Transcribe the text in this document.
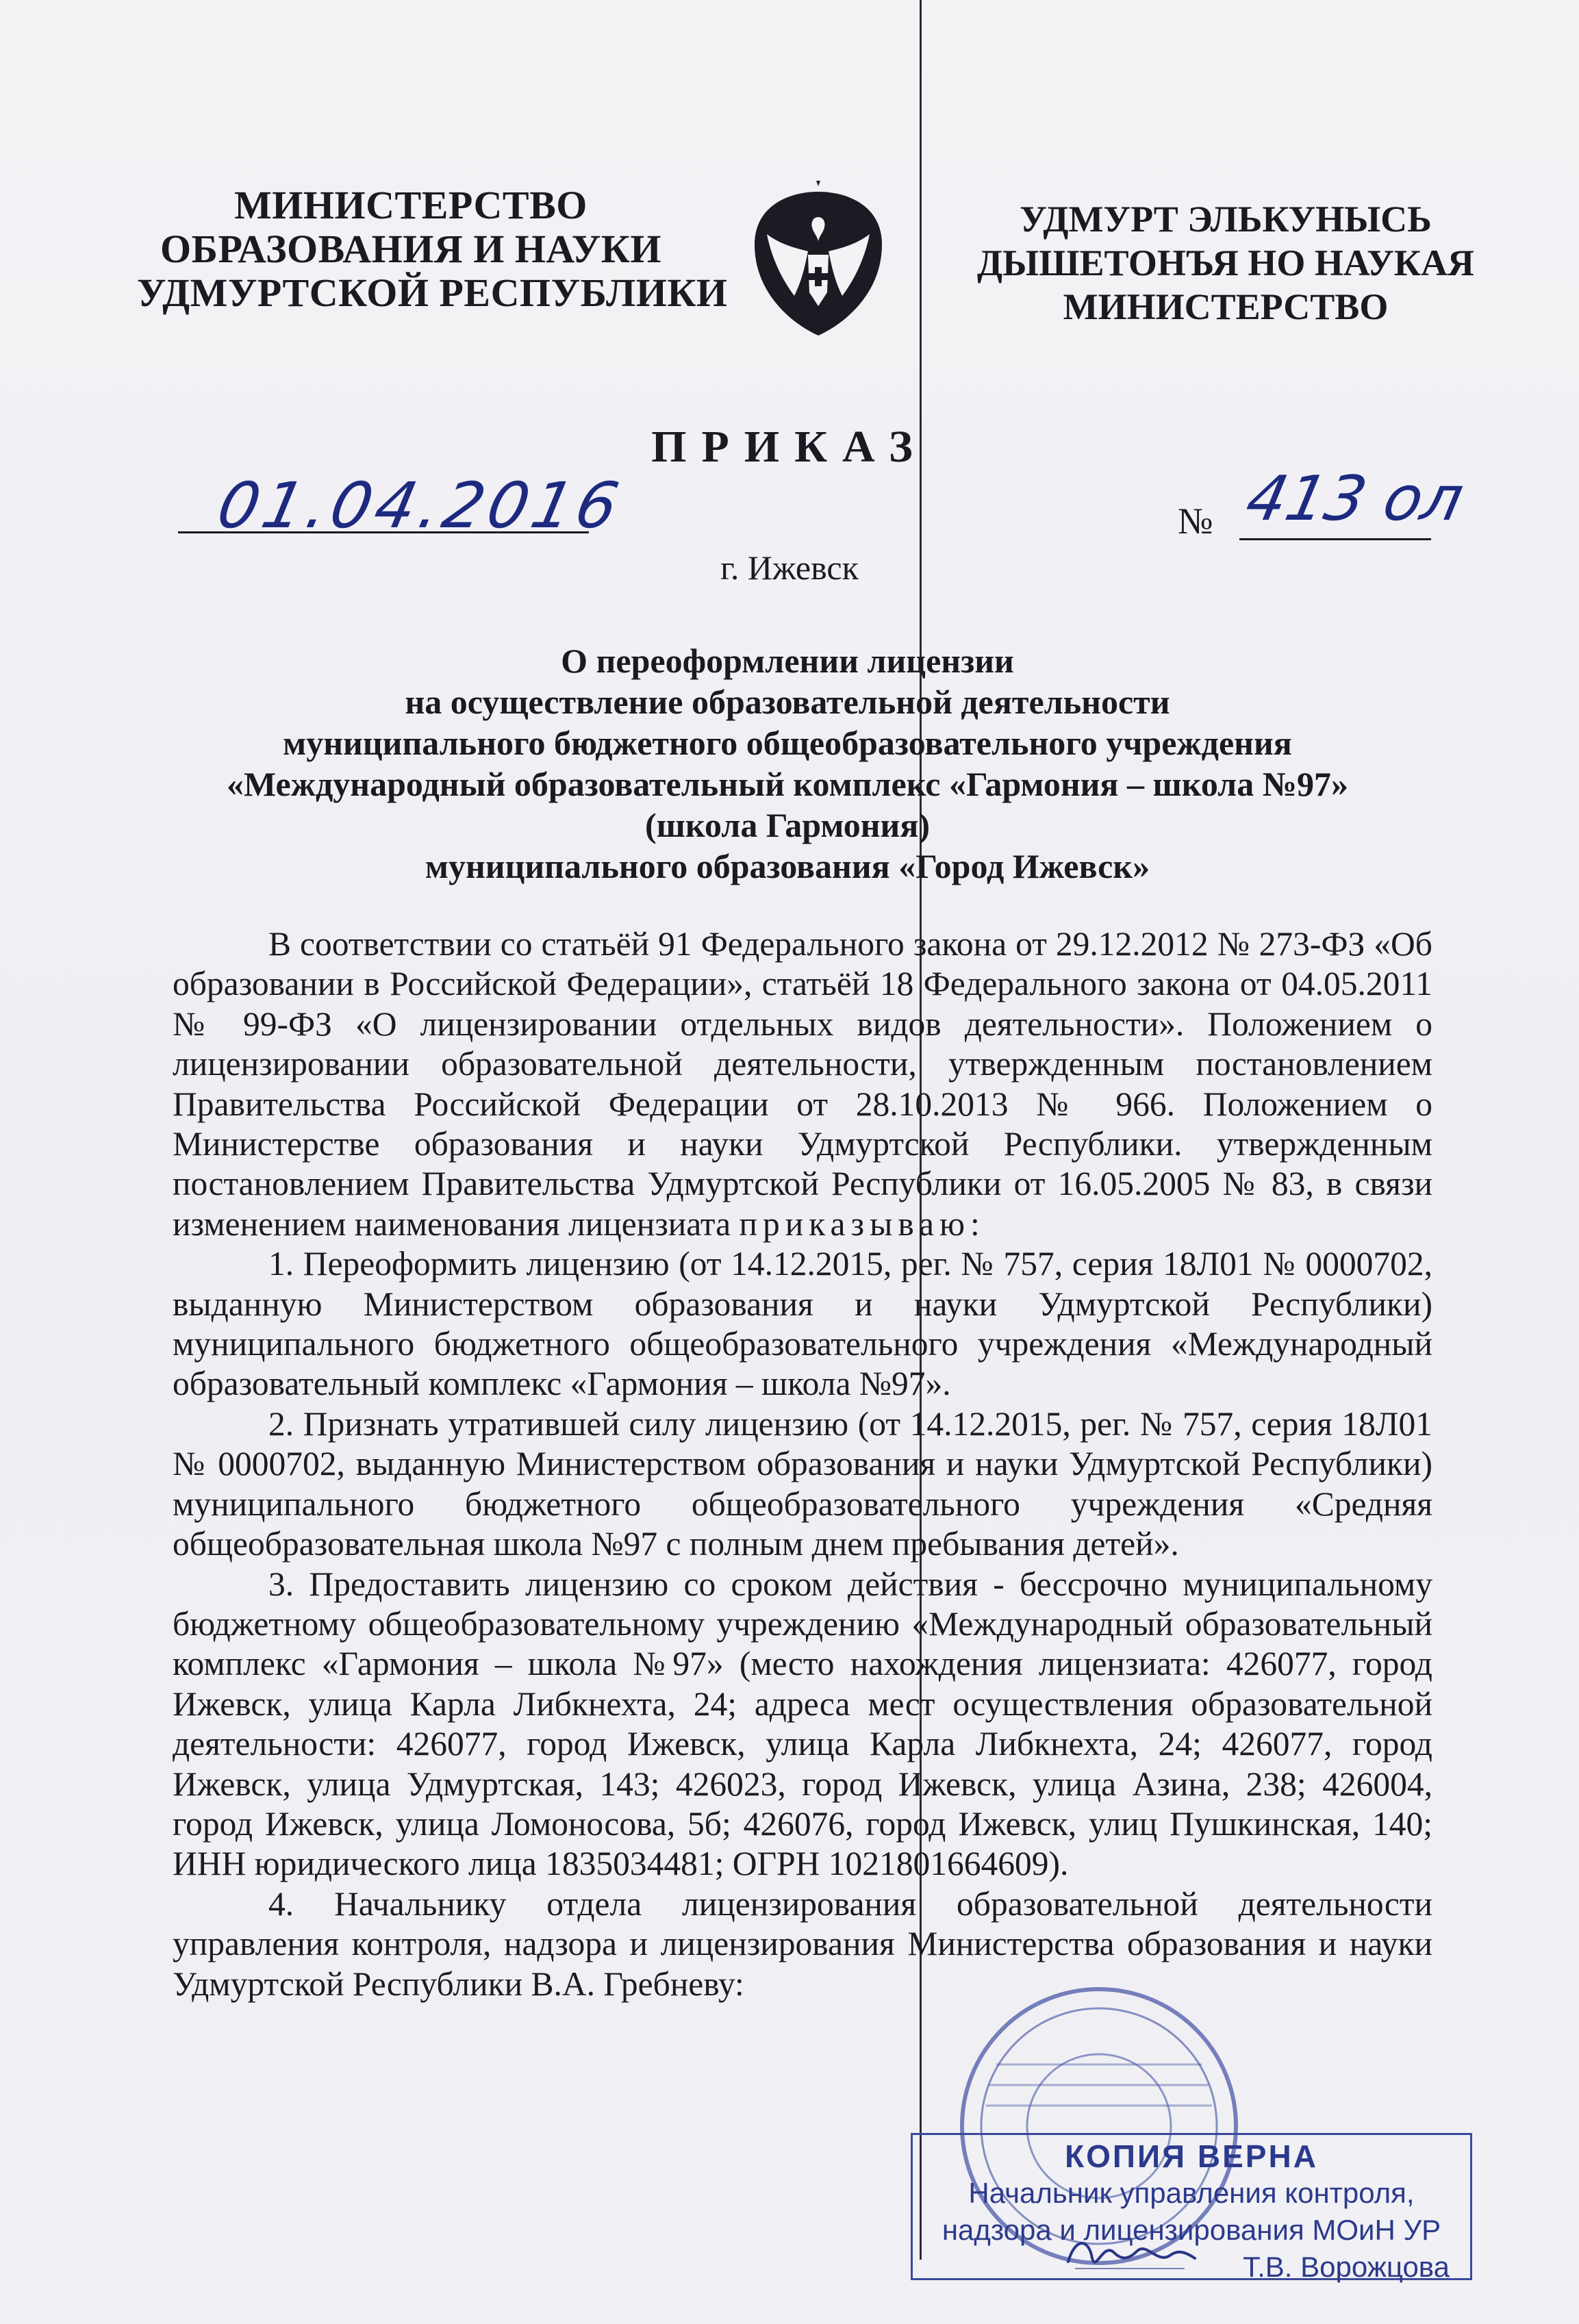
МИНИСТЕРСТВО
ОБРАЗОВАНИЯ И НАУКИ
УДМУРТСКОЙ РЕСПУБЛИКИ
УДМУРТ ЭЛЬКУНЫСЬ
ДЫШЕТОНЪЯ НО НАУКАЯ
МИНИСТЕРСТВО
ПРИКАЗ
01.04.2016	№ 413 ол
г. Ижевск
О переоформлении лицензии
на осуществление образовательной деятельности
муниципального бюджетного общеобразовательного учреждения
«Международный образовательный комплекс «Гармония – школа №97»
(школа Гармония)
муниципального образования «Город Ижевск»

В соответствии со статьёй 91 Федерального закона от 29.12.2012 № 273-ФЗ «Об образовании в Российской Федерации», статьёй 18 Федерального закона от 04.05.2011 № 99-ФЗ «О лицензировании отдельных видов деятельности». Положением о лицензировании образовательной деятельности, утвержденным постановлением Правительства Российской Федерации от 28.10.2013 № 966. Положением о Министерстве образования и науки Удмуртской Республики. утвержденным постановлением Правительства Удмуртской Республики от 16.05.2005 № 83, в связи изменением наименования лицензиата приказываю:

1. Переоформить лицензию (от 14.12.2015, рег. № 757, серия 18Л01 № 0000702, выданную Министерством образования и науки Удмуртской Республики) муниципального бюджетного общеобразовательного учреждения «Международный образовательный комплекс «Гармония – школа №97».

2. Признать утратившей силу лицензию (от 14.12.2015, рег. № 757, серия 18Л01 № 0000702, выданную Министерством образования и науки Удмуртской Республики) муниципального бюджетного общеобразовательного учреждения «Средняя общеобразовательная школа №97 с полным днем пребывания детей».

3. Предоставить лицензию со сроком действия - бессрочно муниципальному бюджетному общеобразовательному учреждению «Международный образовательный комплекс «Гармония – школа №97» (место нахождения лицензиата: 426077, город Ижевск, улица Карла Либкнехта, 24; адреса мест осуществления образовательной деятельности: 426077, город Ижевск, улица Карла Либкнехта, 24; 426077, город Ижевск, улица Удмуртская, 143; 426023, город Ижевск, улица Азина, 238; 426004, город Ижевск, улица Ломоносова, 5б; 426076, город Ижевск, улиц Пушкинская, 140; ИНН юридического лица 1835034481; ОГРН 1021801664609).

4. Начальнику отдела лицензирования образовательной деятельности управления контроля, надзора и лицензирования Министерства образования и науки Удмуртской Республики В.А. Гребневу:

КОПИЯ ВЕРНА
Начальник управления контроля,
надзора и лицензирования МОиН УР
Т.В. Ворожцова
